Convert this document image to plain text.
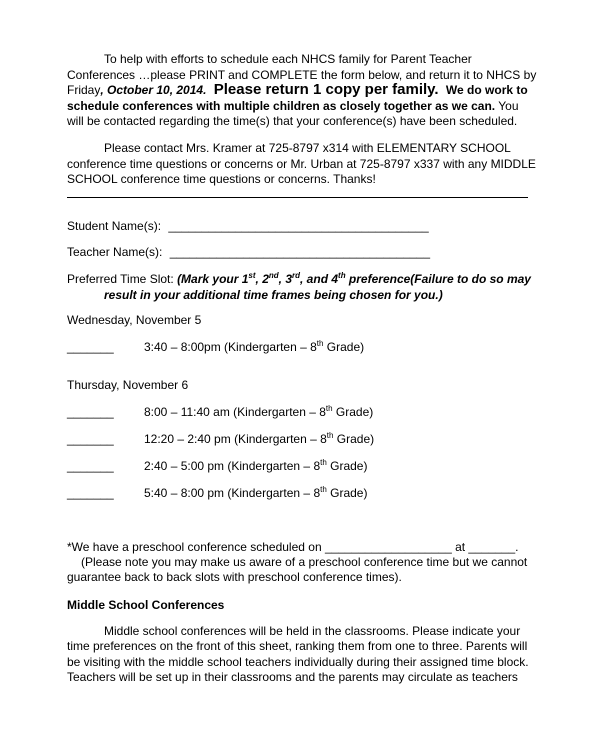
To help with efforts to schedule each NHCS family for Parent Teacher
Conferences …please PRINT and COMPLETE the form below, and return it to NHCS by
Friday, October 10, 2014. Please return 1 copy per family. We do work to
schedule conferences with multiple children as closely together as we can. You
will be contacted regarding the time(s) that your conference(s) have been scheduled.
Please contact Mrs. Kramer at 725-8797 x314 with ELEMENTARY SCHOOL
conference time questions or concerns or Mr. Urban at 725-8797 x337 with any MIDDLE
SCHOOL conference time questions or concerns. Thanks!
Student Name(s): _______________________________________
Teacher Name(s): _______________________________________
Preferred Time Slot: (Mark your 1st, 2nd, 3rd, and 4th preference(Failure to do so may
result in your additional time frames being chosen for you.)
Wednesday, November 5
_______	3:40 – 8:00pm (Kindergarten – 8th Grade)
Thursday, November 6
_______	8:00 – 11:40 am (Kindergarten – 8th Grade)
_______	12:20 – 2:40 pm (Kindergarten – 8th Grade)
_______	2:40 – 5:00 pm (Kindergarten – 8th Grade)
_______	5:40 – 8:00 pm (Kindergarten – 8th Grade)
*We have a preschool conference scheduled on ___________________ at _______.
(Please note you may make us aware of a preschool conference time but we cannot
guarantee back to back slots with preschool conference times).
Middle School Conferences
Middle school conferences will be held in the classrooms. Please indicate your
time preferences on the front of this sheet, ranking them from one to three. Parents will
be visiting with the middle school teachers individually during their assigned time block.
Teachers will be set up in their classrooms and the parents may circulate as teachers
